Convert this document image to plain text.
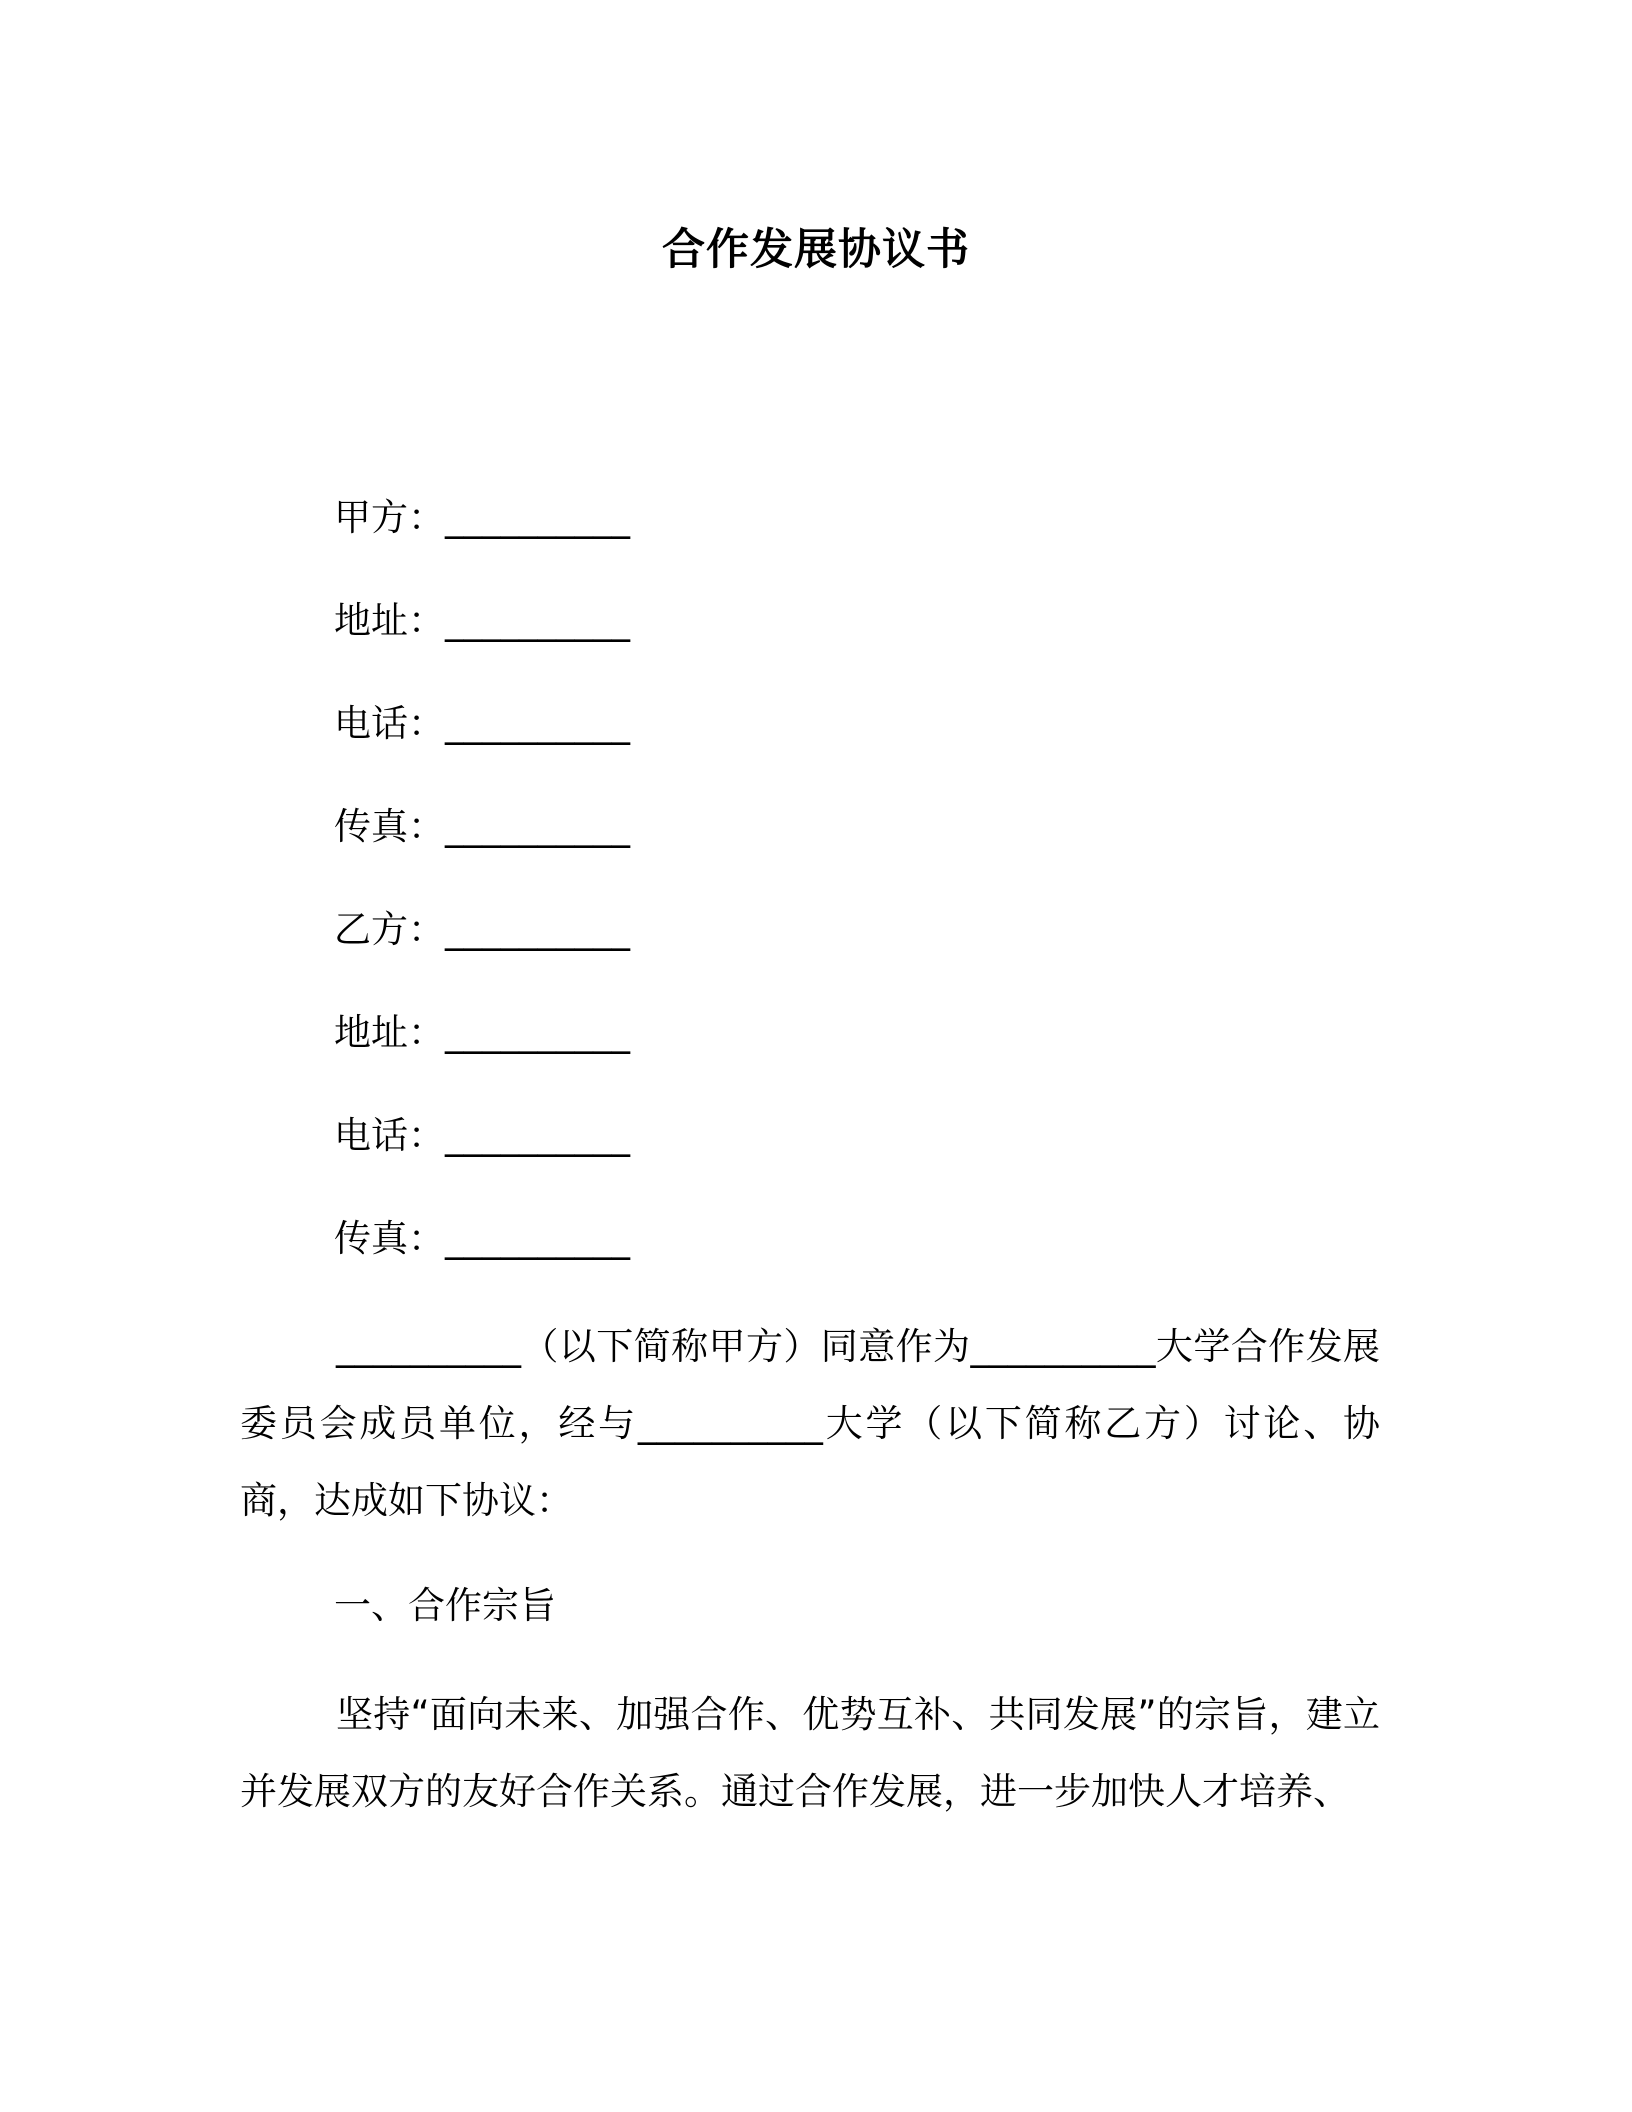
合作发展协议书
甲方：__________
地址：__________
电话：__________
传真：__________
乙方：__________
地址：__________
电话：__________
传真：__________
__________（以下简称甲方）同意作为__________大学合作发展委员会成员单位，经与__________大学（以下简称乙方）讨论、协商，达成如下协议：
一、合作宗旨
坚持“面向未来、加强合作、优势互补、共同发展”的宗旨，建立并发展双方的友好合作关系。通过合作发展，进一步加快人才培养、
